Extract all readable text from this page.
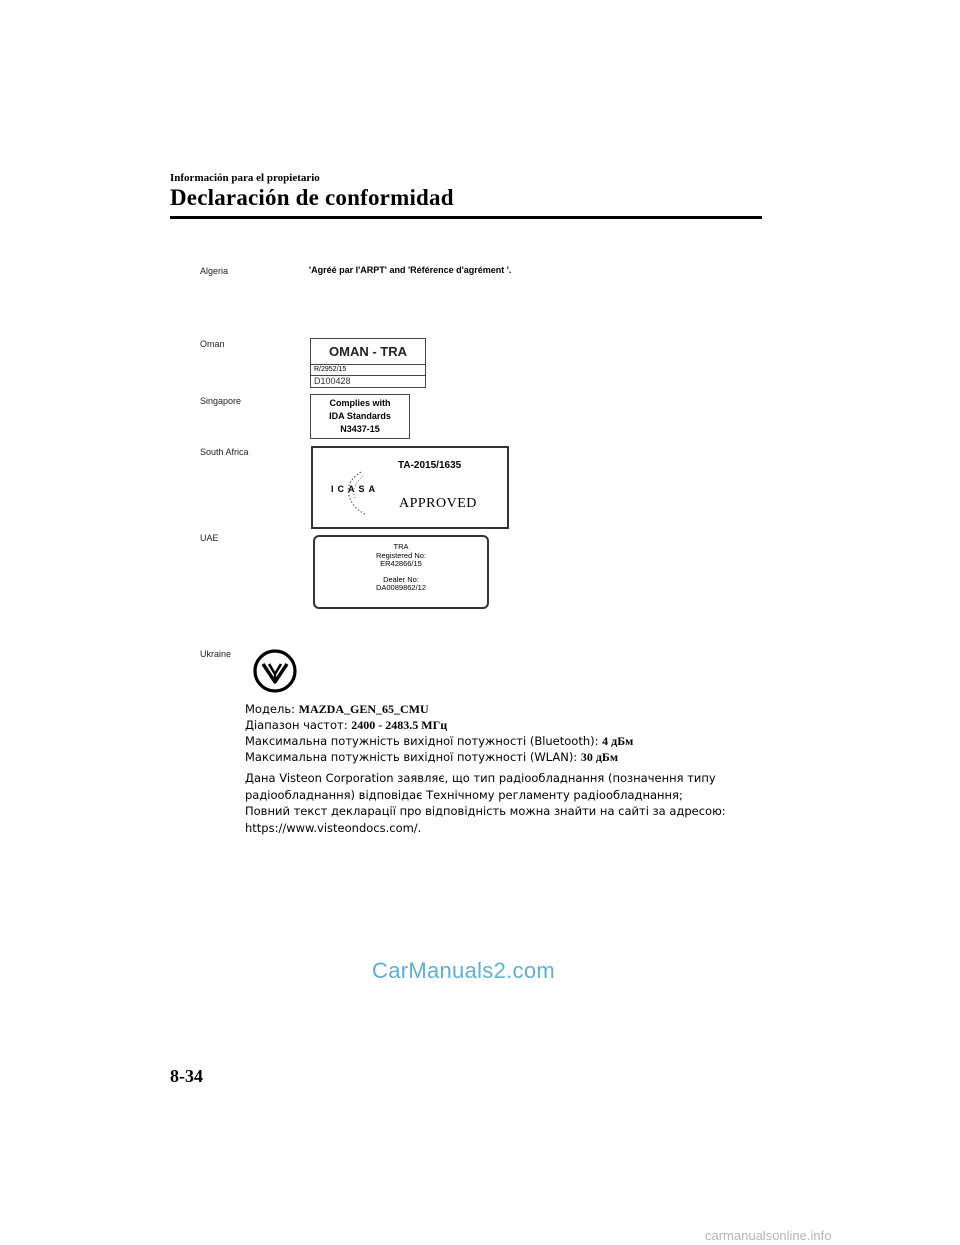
Información para el propietario
Declaración de conformidad
Algeria	'Agréé par l'ARPT' and 'Référence d'agrément '.
Oman	OMAN - TRA
R/2952/15
D100428
Singapore	Complies with
IDA Standards
N3437-15
South Africa
TA-2015/1635
ICASA
APPROVED
UAE
TRA
Registered No:
ER42866/15
Dealer No:
DA0089862/12
Ukraine
Модель: MAZDA_GEN_65_CMU
Діапазон частот: 2400 - 2483.5 МГц
Максимальна потужність вихідної потужності (Bluetooth): 4 дБм
Максимальна потужність вихідної потужності (WLAN): 30 дБм
Дана Visteon Corporation заявляє, що тип радіообладнання (позначення типу радіообладнання) відповідає Технічному регламенту радіообладнання;
Повний текст декларації про відповідність можна знайти на сайті за адресою: https://www.visteondocs.com/.
CarManuals2.com
8-34
carmanualsonline.info
